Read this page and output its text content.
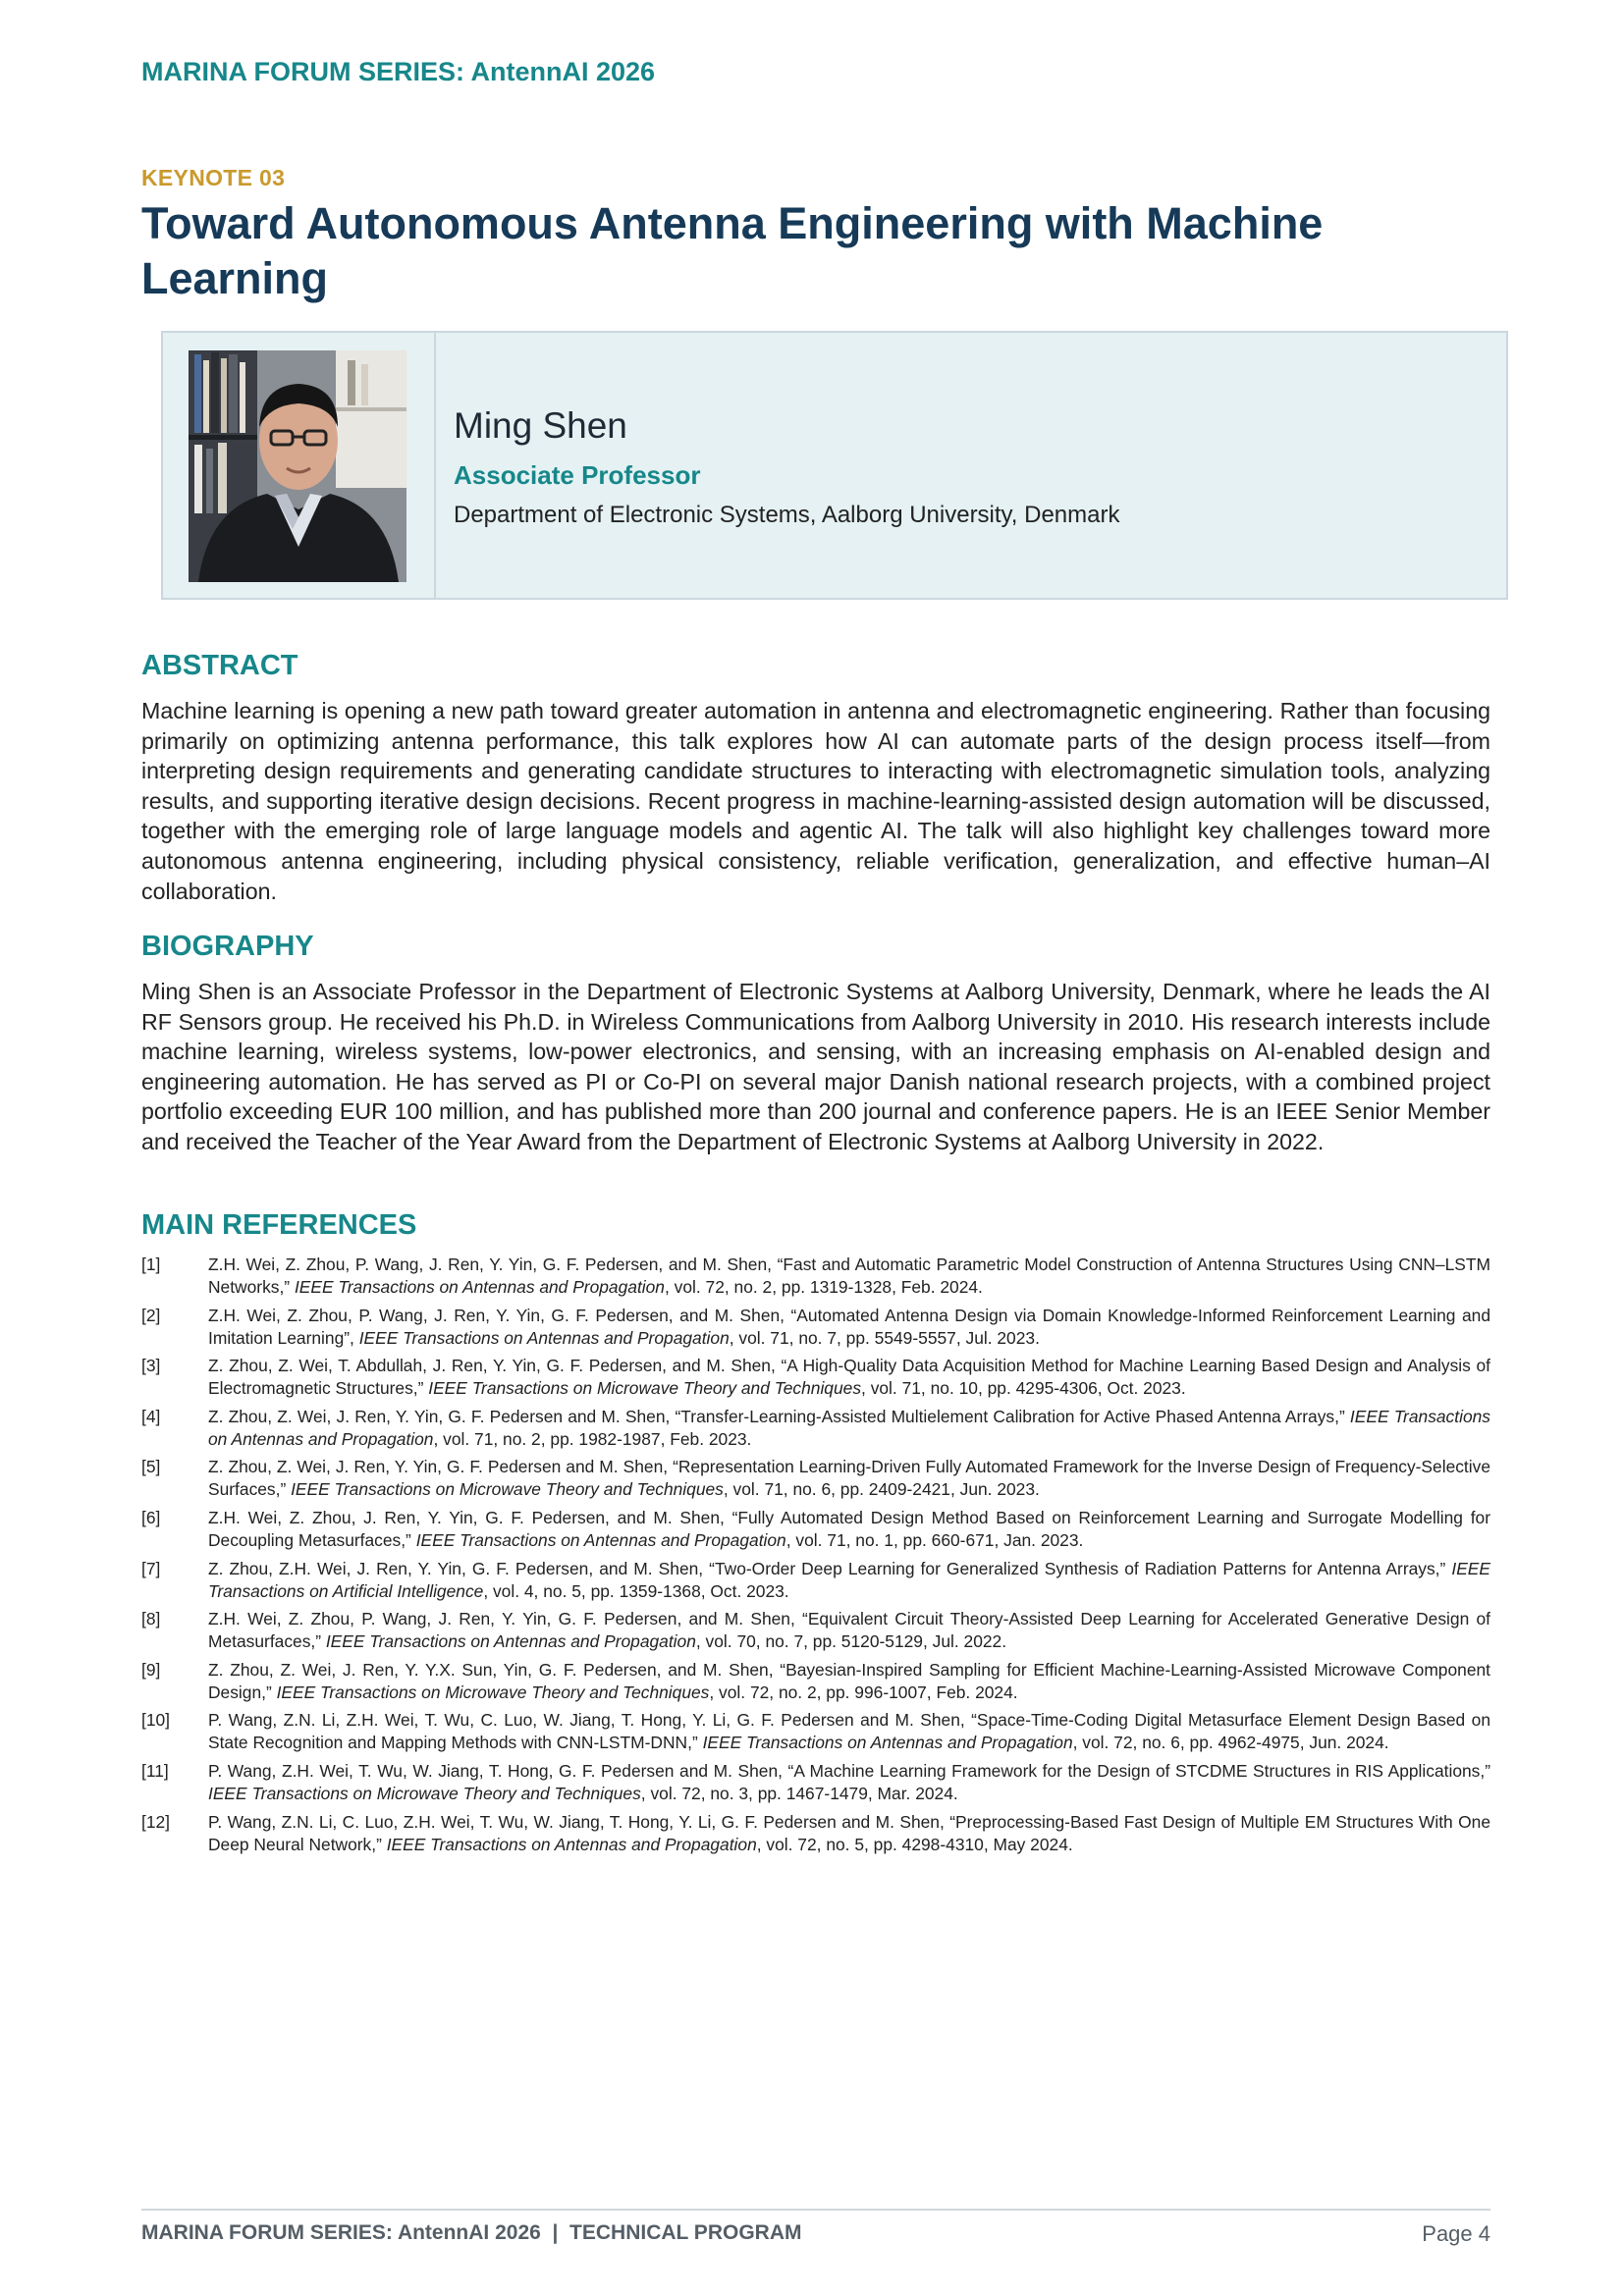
MARINA FORUM SERIES: AntennAI 2026
KEYNOTE 03
Toward Autonomous Antenna Engineering with Machine Learning
Ming Shen
Associate Professor
Department of Electronic Systems, Aalborg University, Denmark
ABSTRACT

Machine learning is opening a new path toward greater automation in antenna and electromagnetic engineering. Rather than focusing primarily on optimizing antenna performance, this talk explores how AI can automate parts of the design process itself—from interpreting design requirements and generating candidate structures to interacting with electromagnetic simulation tools, analyzing results, and supporting iterative design decisions. Recent progress in machine-learning-assisted design automation will be discussed, together with the emerging role of large language models and agentic AI. The talk will also highlight key challenges toward more autonomous antenna engineering, including physical consistency, reliable verification, generalization, and effective human–AI collaboration.

BIOGRAPHY

Ming Shen is an Associate Professor in the Department of Electronic Systems at Aalborg University, Denmark, where he leads the AI RF Sensors group. He received his Ph.D. in Wireless Communications from Aalborg University in 2010. His research interests include machine learning, wireless systems, low-power electronics, and sensing, with an increasing emphasis on AI-enabled design and engineering automation. He has served as PI or Co-PI on several major Danish national research projects, with a combined project portfolio exceeding EUR 100 million, and has published more than 200 journal and conference papers. He is an IEEE Senior Member and received the Teacher of the Year Award from the Department of Electronic Systems at Aalborg University in 2022.

MAIN REFERENCES
[1]	Z.H. Wei, Z. Zhou, P. Wang, J. Ren, Y. Yin, G. F. Pedersen, and M. Shen, “Fast and Automatic Parametric Model Construction of Antenna Structures Using CNN–LSTM Networks,” IEEE Transactions on Antennas and Propagation, vol. 72, no. 2, pp. 1319-1328, Feb. 2024.
[2]	Z.H. Wei, Z. Zhou, P. Wang, J. Ren, Y. Yin, G. F. Pedersen, and M. Shen, “Automated Antenna Design via Domain Knowledge-Informed Reinforcement Learning and Imitation Learning”, IEEE Transactions on Antennas and Propagation, vol. 71, no. 7, pp. 5549-5557, Jul. 2023.
[3]	Z. Zhou, Z. Wei, T. Abdullah, J. Ren, Y. Yin, G. F. Pedersen, and M. Shen, “A High-Quality Data Acquisition Method for Machine Learning Based Design and Analysis of Electromagnetic Structures,” IEEE Transactions on Microwave Theory and Techniques, vol. 71, no. 10, pp. 4295-4306, Oct. 2023.
[4]	Z. Zhou, Z. Wei, J. Ren, Y. Yin, G. F. Pedersen and M. Shen, “Transfer-Learning-Assisted Multielement Calibration for Active Phased Antenna Arrays,” IEEE Transactions on Antennas and Propagation, vol. 71, no. 2, pp. 1982-1987, Feb. 2023.
[5]	Z. Zhou, Z. Wei, J. Ren, Y. Yin, G. F. Pedersen and M. Shen, “Representation Learning-Driven Fully Automated Framework for the Inverse Design of Frequency-Selective Surfaces,” IEEE Transactions on Microwave Theory and Techniques, vol. 71, no. 6, pp. 2409-2421, Jun. 2023.
[6]	Z.H. Wei, Z. Zhou, J. Ren, Y. Yin, G. F. Pedersen, and M. Shen, “Fully Automated Design Method Based on Reinforcement Learning and Surrogate Modelling for Decoupling Metasurfaces,” IEEE Transactions on Antennas and Propagation, vol. 71, no. 1, pp. 660-671, Jan. 2023.
[7]	Z. Zhou, Z.H. Wei, J. Ren, Y. Yin, G. F. Pedersen, and M. Shen, “Two-Order Deep Learning for Generalized Synthesis of Radiation Patterns for Antenna Arrays,” IEEE Transactions on Artificial Intelligence, vol. 4, no. 5, pp. 1359-1368, Oct. 2023.
[8]	Z.H. Wei, Z. Zhou, P. Wang, J. Ren, Y. Yin, G. F. Pedersen, and M. Shen, “Equivalent Circuit Theory-Assisted Deep Learning for Accelerated Generative Design of Metasurfaces,” IEEE Transactions on Antennas and Propagation, vol. 70, no. 7, pp. 5120-5129, Jul. 2022.
[9]	Z. Zhou, Z. Wei, J. Ren, Y. Y.X. Sun, Yin, G. F. Pedersen, and M. Shen, “Bayesian-Inspired Sampling for Efficient Machine-Learning-Assisted Microwave Component Design,” IEEE Transactions on Microwave Theory and Techniques, vol. 72, no. 2, pp. 996-1007, Feb. 2024.
[10]	P. Wang, Z.N. Li, Z.H. Wei, T. Wu, C. Luo, W. Jiang, T. Hong, Y. Li, G. F. Pedersen and M. Shen, “Space-Time-Coding Digital Metasurface Element Design Based on State Recognition and Mapping Methods with CNN-LSTM-DNN,” IEEE Transactions on Antennas and Propagation, vol. 72, no. 6, pp. 4962-4975, Jun. 2024.
[11]	P. Wang, Z.H. Wei, T. Wu, W. Jiang, T. Hong, G. F. Pedersen and M. Shen, “A Machine Learning Framework for the Design of STCDME Structures in RIS Applications,” IEEE Transactions on Microwave Theory and Techniques, vol. 72, no. 3, pp. 1467-1479, Mar. 2024.
[12]	P. Wang, Z.N. Li, C. Luo, Z.H. Wei, T. Wu, W. Jiang, T. Hong, Y. Li, G. F. Pedersen and M. Shen, “Preprocessing-Based Fast Design of Multiple EM Structures With One Deep Neural Network,” IEEE Transactions on Antennas and Propagation, vol. 72, no. 5, pp. 4298-4310, May 2024.
MARINA FORUM SERIES: AntennAI 2026  |  TECHNICAL PROGRAM	Page 4
